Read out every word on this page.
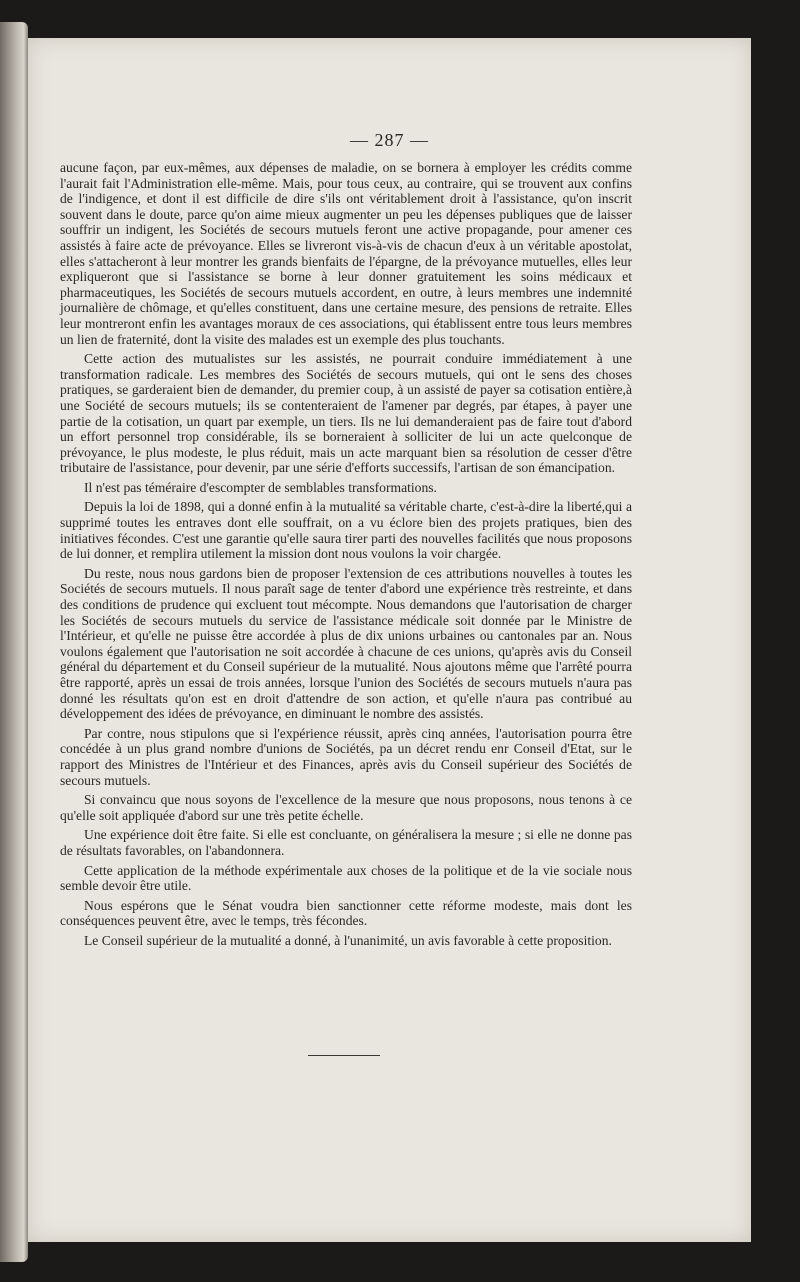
— 287 —

aucune façon, par eux-mêmes, aux dépenses de maladie, on se bornera à employer les crédits comme l'aurait fait l'Administration elle-même. Mais, pour tous ceux, au contraire, qui se trouvent aux confins de l'indigence, et dont il est difficile de dire s'ils ont véritablement droit à l'assistance, qu'on inscrit souvent dans le doute, parce qu'on aime mieux augmenter un peu les dépenses publiques que de laisser souffrir un indigent, les Sociétés de secours mutuels feront une active propagande, pour amener ces assistés à faire acte de prévoyance. Elles se livreront vis-à-vis de chacun d'eux à un véritable apostolat, elles s'attacheront à leur montrer les grands bienfaits de l'épargne, de la prévoyance mutuelles, elles leur expliqueront que si l'assistance se borne à leur donner gratuitement les soins médicaux et pharmaceutiques, les Sociétés de secours mutuels accordent, en outre, à leurs membres une indemnité journalière de chômage, et qu'elles constituent, dans une certaine mesure, des pensions de retraite. Elles leur montreront enfin les avantages moraux de ces associations, qui établissent entre tous leurs membres un lien de fraternité, dont la visite des malades est un exemple des plus touchants.

Cette action des mutualistes sur les assistés, ne pourrait conduire immédiatement à une transformation radicale. Les membres des Sociétés de secours mutuels, qui ont le sens des choses pratiques, se garderaient bien de demander, du premier coup, à un assisté de payer sa cotisation entière,à une Société de secours mutuels; ils se contenteraient de l'amener par degrés, par étapes, à payer une partie de la cotisation, un quart par exemple, un tiers. Ils ne lui demanderaient pas de faire tout d'abord un effort personnel trop considérable, ils se borneraient à solliciter de lui un acte quelconque de prévoyance, le plus modeste, le plus réduit, mais un acte marquant bien sa résolution de cesser d'être tributaire de l'assistance, pour devenir, par une série d'efforts successifs, l'artisan de son émancipation.

Il n'est pas téméraire d'escompter de semblables transformations.

Depuis la loi de 1898, qui a donné enfin à la mutualité sa véritable charte, c'est-à-dire la liberté,qui a supprimé toutes les entraves dont elle souffrait, on a vu éclore bien des projets pratiques, bien des initiatives fécondes. C'est une garantie qu'elle saura tirer parti des nouvelles facilités que nous proposons de lui donner, et remplira utilement la mission dont nous voulons la voir chargée.

Du reste, nous nous gardons bien de proposer l'extension de ces attributions nouvelles à toutes les Sociétés de secours mutuels. Il nous paraît sage de tenter d'abord une expérience très restreinte, et dans des conditions de prudence qui excluent tout mécompte. Nous demandons que l'autorisation de charger les Sociétés de secours mutuels du service de l'assistance médicale soit donnée par le Ministre de l'Intérieur, et qu'elle ne puisse être accordée à plus de dix unions urbaines ou cantonales par an. Nous voulons également que l'autorisation ne soit accordée à chacune de ces unions, qu'après avis du Conseil général du département et du Conseil supérieur de la mutualité. Nous ajoutons même que l'arrêté pourra être rapporté, après un essai de trois années, lorsque l'union des Sociétés de secours mutuels n'aura pas donné les résultats qu'on est en droit d'attendre de son action, et qu'elle n'aura pas contribué au développement des idées de prévoyance, en diminuant le nombre des assistés.

Par contre, nous stipulons que si l'expérience réussit, après cinq années, l'autorisation pourra être concédée à un plus grand nombre d'unions de Sociétés, pa un décret rendu enr Conseil d'Etat, sur le rapport des Ministres de l'Intérieur et des Finances, après avis du Conseil supérieur des Sociétés de secours mutuels.

Si convaincu que nous soyons de l'excellence de la mesure que nous proposons, nous tenons à ce qu'elle soit appliquée d'abord sur une très petite échelle.

Une expérience doit être faite. Si elle est concluante, on généralisera la mesure ; si elle ne donne pas de résultats favorables, on l'abandonnera.

Cette application de la méthode expérimentale aux choses de la politique et de la vie sociale nous semble devoir être utile.

Nous espérons que le Sénat voudra bien sanctionner cette réforme modeste, mais dont les conséquences peuvent être, avec le temps, très fécondes.

Le Conseil supérieur de la mutualité a donné, à l'unanimité, un avis favorable à cette proposition.
